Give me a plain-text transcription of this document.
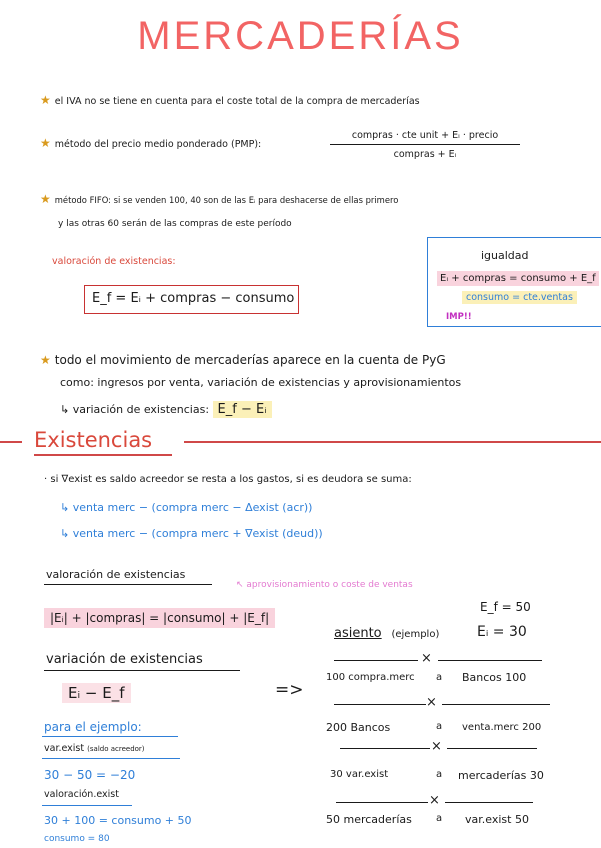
MERCADERÍAS
★ el IVA no se tiene en cuenta para el coste total de la compra de mercaderías
★ método del precio medio ponderado (PMP):
compras · cte unit + Eᵢ · precio
compras + Eᵢ
★ método FIFO: si se venden 100, 40 son de las Eᵢ para deshacerse de ellas primero
y las otras 60 serán de las compras de este período
valoración de existencias:
E_f = Eᵢ + compras − consumo
igualdad
Eᵢ + compras = consumo + E_f
consumo = cte.ventas
IMP!!
★ todo el movimiento de mercaderías aparece en la cuenta de PyG
como: ingresos por venta, variación de existencias y aprovisionamientos
↳ variación de existencias: E_f − Eᵢ
Existencias
· si ∇exist es saldo acreedor se resta a los gastos, si es deudora se suma:
↳ venta merc − (compra merc − Δexist (acr))
↳ venta merc − (compra merc + ∇exist (deud))
valoración de existencias
↖ aprovisionamiento o coste de ventas
|Eᵢ| + |compras| = |consumo| + |E_f|
variación de existencias
Eᵢ − E_f	=>
para el ejemplo:
var.exist (saldo acreedor)
30 − 50 = −20
valoración.exist
30 + 100 = consumo + 50
consumo = 80
E_f = 50
asiento (ejemplo)	Eᵢ = 30
×
100 compra.merc a Bancos 100
×
200 Bancos	a venta.merc 200
×
30 var.exist	a mercaderías 30
×
50 mercaderías a var.exist 50
